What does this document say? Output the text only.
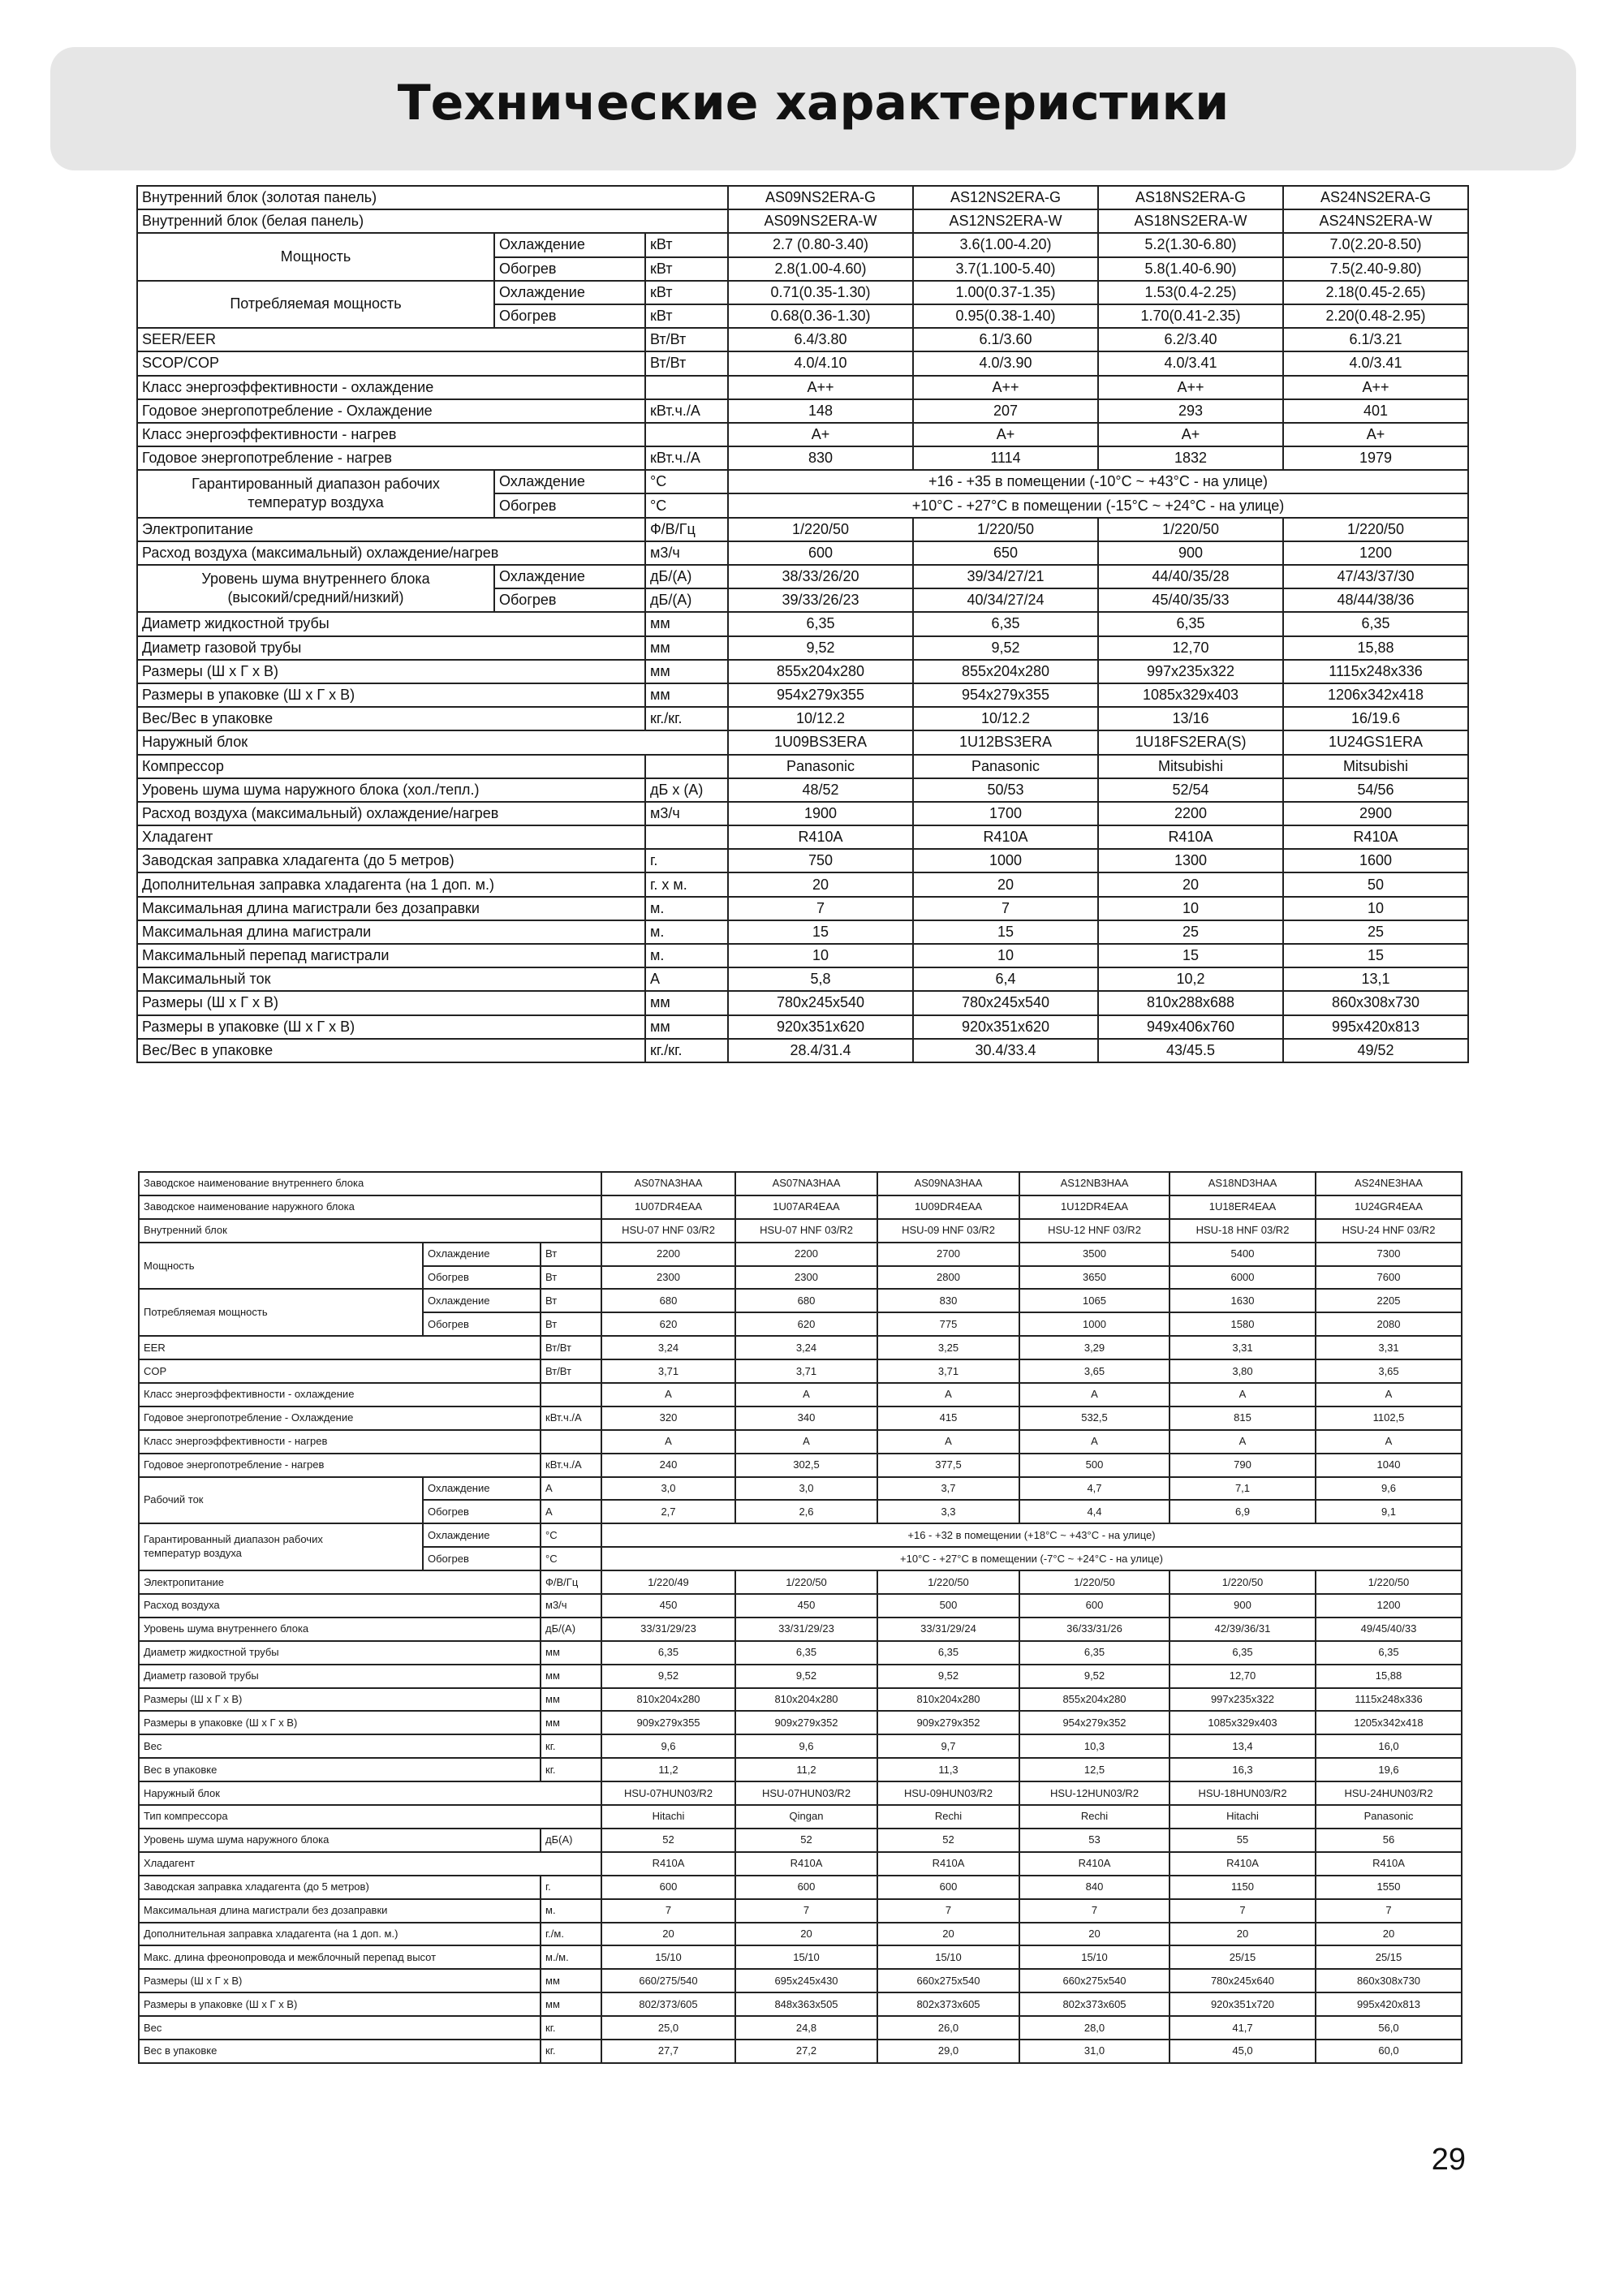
Технические характеристики
Внутренний блок (золотая панель)			AS09NS2ERA-G	AS12NS2ERA-G	AS18NS2ERA-G	AS24NS2ERA-G
Внутренний блок (белая панель)			AS09NS2ERA-W	AS12NS2ERA-W	AS18NS2ERA-W	AS24NS2ERA-W
Мощность	Охлаждение	кВт	2.7 (0.80-3.40)	3.6(1.00-4.20)	5.2(1.30-6.80)	7.0(2.20-8.50)
	Обогрев	кВт	2.8(1.00-4.60)	3.7(1.100-5.40)	5.8(1.40-6.90)	7.5(2.40-9.80)
Потребляемая мощность	Охлаждение	кВт	0.71(0.35-1.30)	1.00(0.37-1.35)	1.53(0.4-2.25)	2.18(0.45-2.65)
	Обогрев	кВт	0.68(0.36-1.30)	0.95(0.38-1.40)	1.70(0.41-2.35)	2.20(0.48-2.95)
SEER/EER		Вт/Вт	6.4/3.80	6.1/3.60	6.2/3.40	6.1/3.21
SCOP/COP		Вт/Вт	4.0/4.10	4.0/3.90	4.0/3.41	4.0/3.41
Класс энергоэффективности - охлаждение			A++	A++	A++	A++
Годовое энергопотребление - Охлаждение		кВт.ч./А	148	207	293	401
Класс энергоэффективности - нагрев			A+	A+	A+	A+
Годовое энергопотребление - нагрев		кВт.ч./А	830	1114	1832	1979

Гарантированный диапазон рабочих
температур воздуха	Охлаждение	°С	+16 - +35 в помещении (-10°С ~ +43°С - на улице)			
	Обогрев	°С	+10°С - +27°С в помещении (-15°С ~ +24°С - на улице)			
Электропитание		Ф/В/Гц	1/220/50	1/220/50	1/220/50	1/220/50
Расход воздуха (максимальный) охлаждение/нагрев		м3/ч	600	650	900	1200

Уровень шума внутреннего блока
(высокий/средний/низкий)	Охлаждение	дБ/(А)	38/33/26/20	39/34/27/21	44/40/35/28	47/43/37/30
	Обогрев	дБ/(А)	39/33/26/23	40/34/27/24	45/40/35/33	48/44/38/36
Диаметр жидкостной трубы		мм	6,35	6,35	6,35	6,35
Диаметр газовой трубы		мм	9,52	9,52	12,70	15,88
Размеры (Ш х Г х В)		мм	855x204x280	855x204x280	997x235x322	1115x248x336
Размеры в упаковке (Ш х Г х В)		мм	954x279x355	954x279x355	1085x329x403	1206x342x418
Вес/Вес в упаковке		кг./кг.	10/12.2	10/12.2	13/16	16/19.6
Наружный блок			1U09BS3ERA	1U12BS3ERA	1U18FS2ERA(S)	1U24GS1ERA
Компрессор			Panasonic	Panasonic	Mitsubishi	Mitsubishi
Уровень шума шума наружного блока (хол./тепл.)		дБ х (А)	48/52	50/53	52/54	54/56
Расход воздуха (максимальный) охлаждение/нагрев		м3/ч	1900	1700	2200	2900
Хладагент			R410A	R410A	R410A	R410A
Заводская заправка хладагента (до 5 метров)		г.	750	1000	1300	1600
Дополнительная заправка хладагента (на 1 доп. м.)		г. х м.	20	20	20	50
Максимальная длина магистрали без дозаправки		м.	7	7	10	10
Максимальная длина магистрали		м.	15	15	25	25
Максимальный перепад магистрали		м.	10	10	15	15
Максимальный ток		А	5,8	6,4	10,2	13,1
Размеры (Ш х Г х В)		мм	780x245x540	780x245x540	810x288x688	860x308x730
Размеры в упаковке (Ш х Г х В)		мм	920x351x620	920x351x620	949x406x760	995x420x813
Вес/Вес в упаковке		кг./кг.	28.4/31.4	30.4/33.4	43/45.5	49/52
Заводское наименование внутреннего блока			AS07NA3HAA	AS07NA3HAA	AS09NA3HAA	AS12NB3HAA	AS18ND3HAA	AS24NE3HAA
Заводское наименование наружного блока			1U07DR4EAA	1U07AR4EAA	1U09DR4EAA	1U12DR4EAA	1U18ER4EAA	1U24GR4EAA
Внутренний блок			HSU-07 HNF 03/R2	HSU-07 HNF 03/R2	HSU-09 HNF 03/R2	HSU-12 HNF 03/R2	HSU-18 HNF 03/R2	HSU-24 HNF 03/R2
Мощность	Охлаждение	Вт	2200	2200	2700	3500	5400	7300
	Обогрев	Вт	2300	2300	2800	3650	6000	7600
Потребляемая мощность	Охлаждение	Вт	680	680	830	1065	1630	2205
	Обогрев	Вт	620	620	775	1000	1580	2080
EER		Вт/Вт	3,24	3,24	3,25	3,29	3,31	3,31
COP		Вт/Вт	3,71	3,71	3,71	3,65	3,80	3,65
Класс энергоэффективности - охлаждение			A	A	A	A	A	A
Годовое энергопотребление - Охлаждение		кВт.ч./А	320	340	415	532,5	815	1102,5
Класс энергоэффективности - нагрев			A	A	A	A	A	A
Годовое энергопотребление - нагрев		кВт.ч./А	240	302,5	377,5	500	790	1040
Рабочий ток	Охлаждение	А	3,0	3,0	3,7	4,7	7,1	9,6
	Обогрев	А	2,7	2,6	3,3	4,4	6,9	9,1

Гарантированный диапазон рабочих
температур воздуха	Охлаждение	°С	+16 - +32 в помещении (+18°С ~ +43°С - на улице)					
	Обогрев	°С	+10°С - +27°С в помещении (-7°С ~ +24°С - на улице)					
Электропитание		Ф/В/Гц	1/220/49	1/220/50	1/220/50	1/220/50	1/220/50	1/220/50
Расход воздуха		м3/ч	450	450	500	600	900	1200
Уровень шума внутреннего блока		дБ/(А)	33/31/29/23	33/31/29/23	33/31/29/24	36/33/31/26	42/39/36/31	49/45/40/33
Диаметр жидкостной трубы		мм	6,35	6,35	6,35	6,35	6,35	6,35
Диаметр газовой трубы		мм	9,52	9,52	9,52	9,52	12,70	15,88
Размеры (Ш х Г х В)		мм	810x204x280	810x204x280	810x204x280	855x204x280	997x235x322	1115x248x336
Размеры в упаковке (Ш х Г х В)		мм	909x279x355	909x279x352	909x279x352	954x279x352	1085x329x403	1205x342x418
Вес		кг.	9,6	9,6	9,7	10,3	13,4	16,0
Вес в упаковке		кг.	11,2	11,2	11,3	12,5	16,3	19,6
Наружный блок			HSU-07HUN03/R2	HSU-07HUN03/R2	HSU-09HUN03/R2	HSU-12HUN03/R2	HSU-18HUN03/R2	HSU-24HUN03/R2
Тип компрессора			Hitachi	Qingan	Rechi	Rechi	Hitachi	Panasonic
Уровень шума шума наружного блока		дБ(А)	52	52	52	53	55	56
Хладагент			R410A	R410A	R410A	R410A	R410A	R410A
Заводская заправка хладагента (до 5 метров)		г.	600	600	600	840	1150	1550
Максимальная длина магистрали без дозаправки		м.	7	7	7	7	7	7
Дополнительная заправка хладагента (на 1 доп. м.)		г./м.	20	20	20	20	20	20
Макс. длина фреонопровода и межблочный перепад высот		м./м.	15/10	15/10	15/10	15/10	25/15	25/15
Размеры (Ш х Г х В)		мм	660/275/540	695x245x430	660x275x540	660x275x540	780x245x640	860x308x730
Размеры в упаковке (Ш х Г х В)		мм	802/373/605	848x363x505	802x373x605	802x373x605	920x351x720	995x420x813
Вес		кг.	25,0	24,8	26,0	28,0	41,7	56,0
Вес в упаковке		кг.	27,7	27,2	29,0	31,0	45,0	60,0
29
